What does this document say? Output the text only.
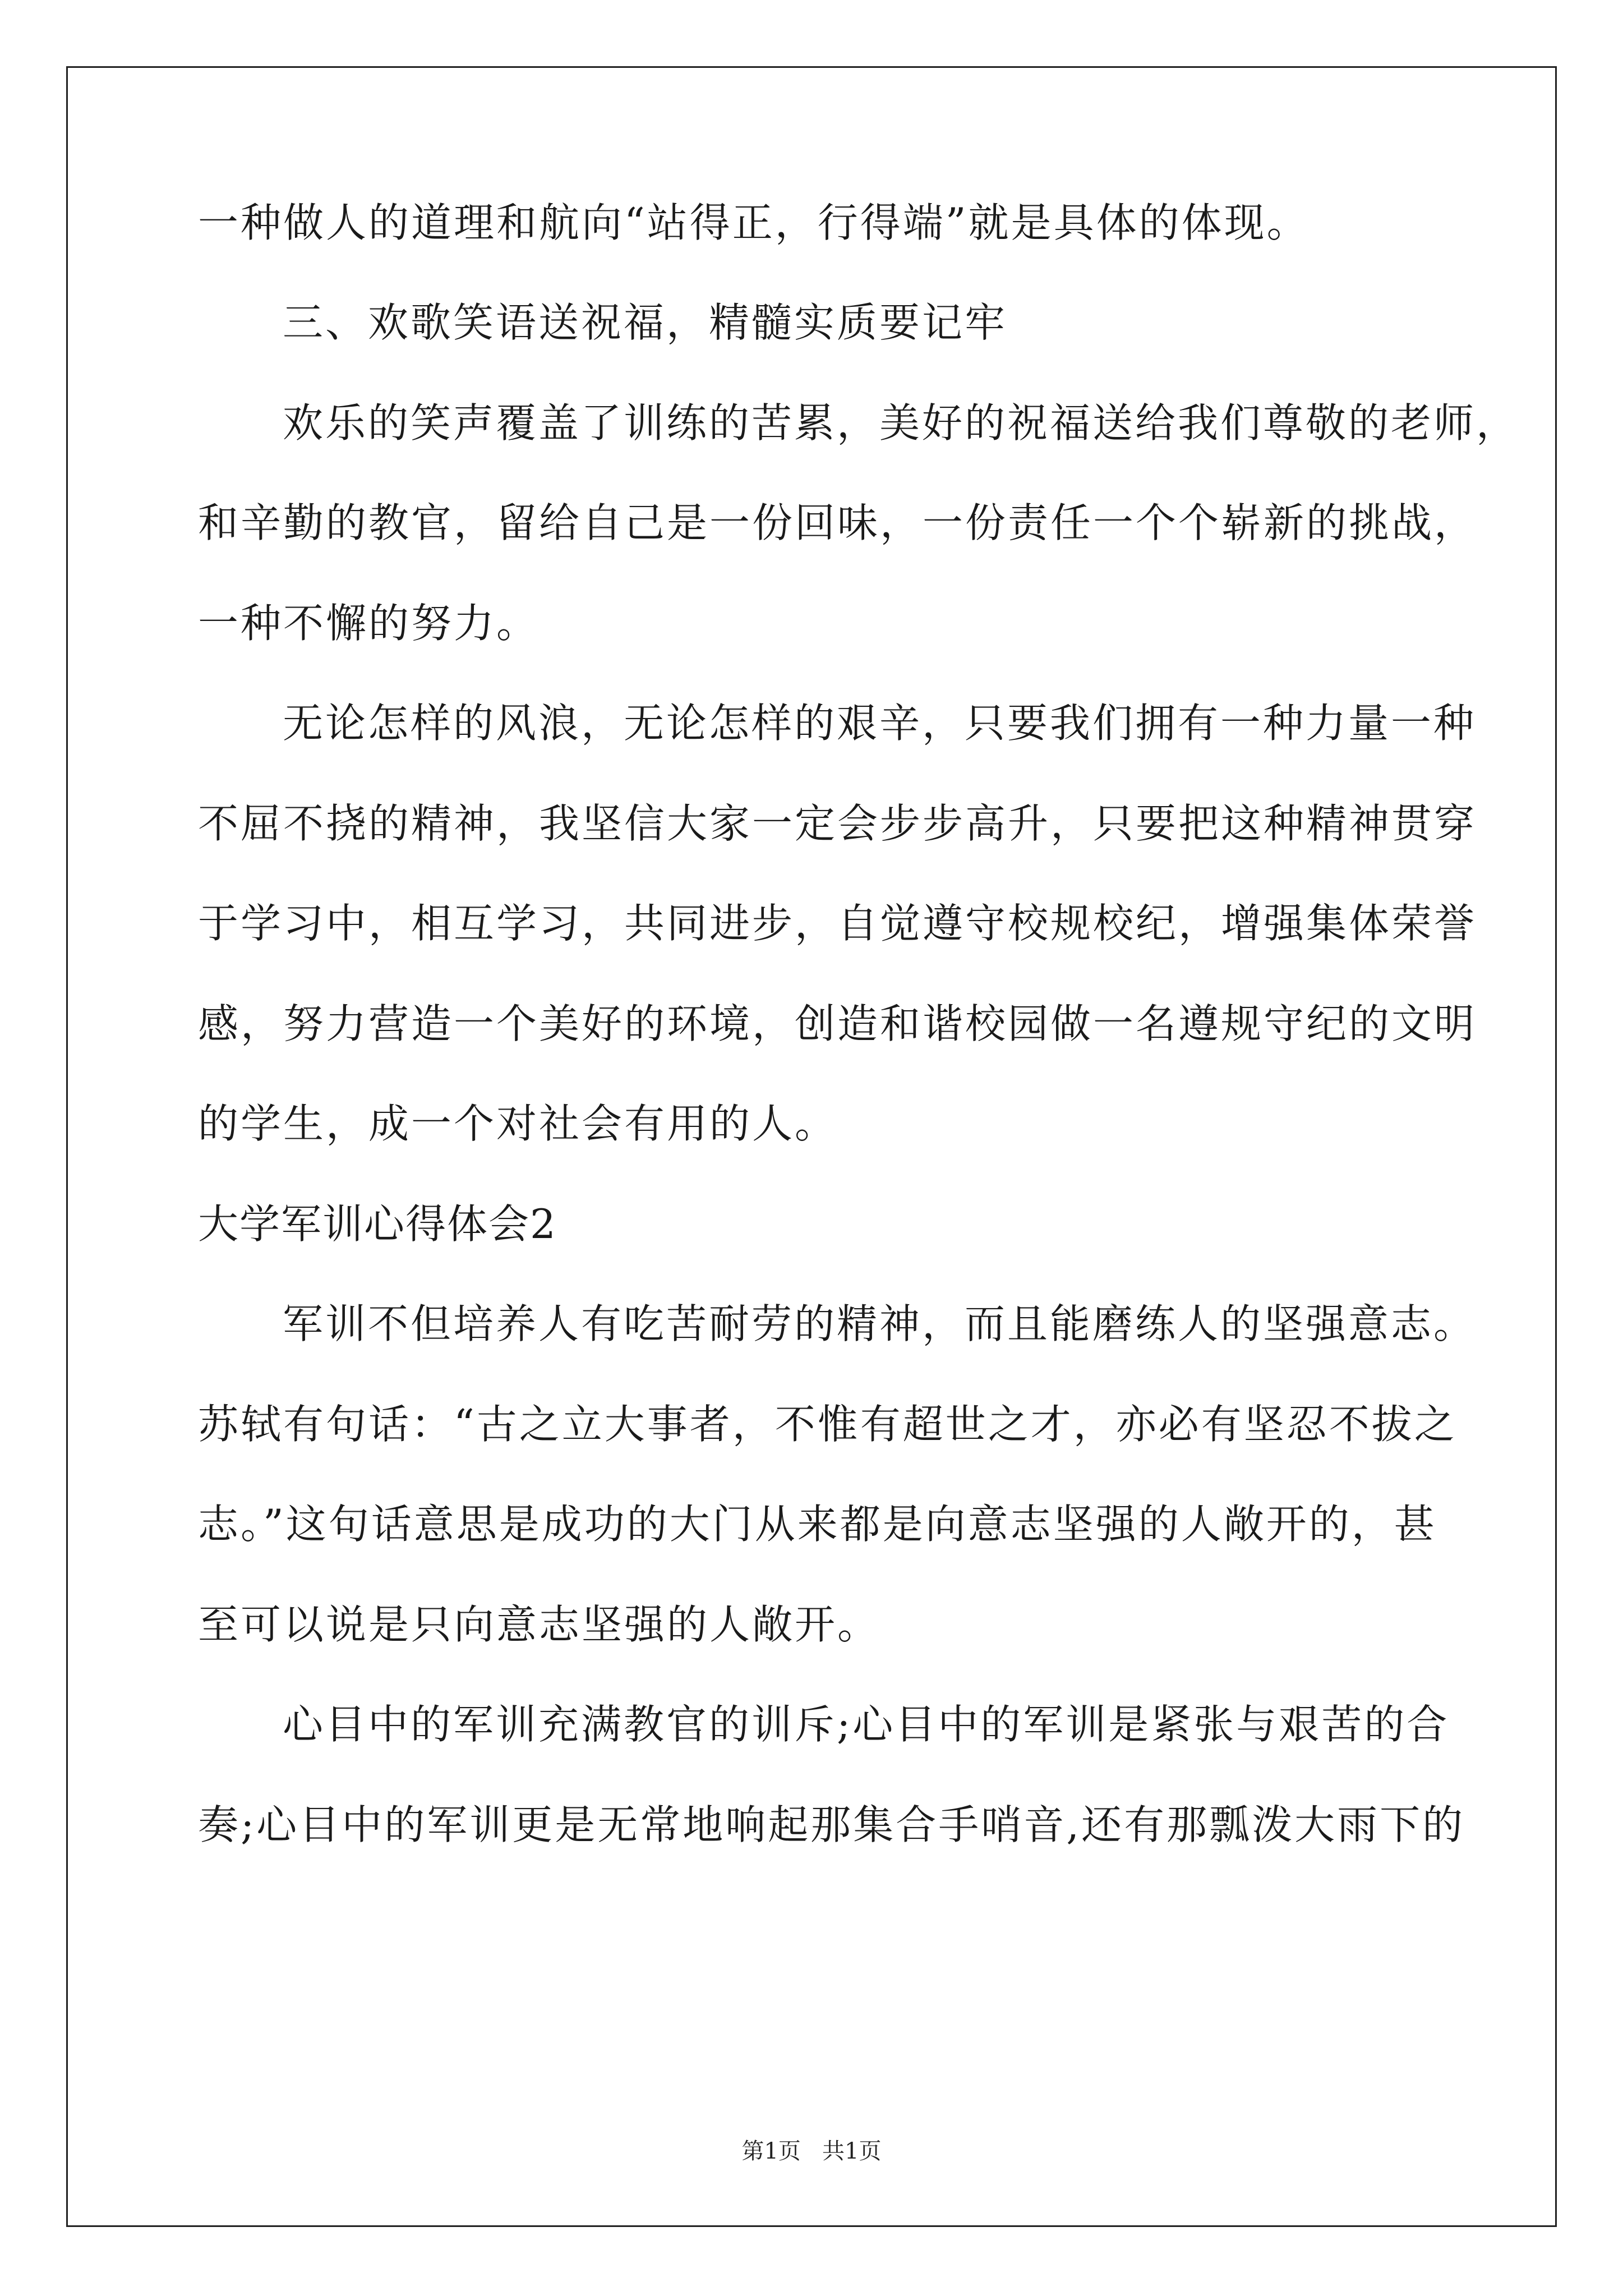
一种做人的道理和航向“站得正，行得端”就是具体的体现。
三、欢歌笑语送祝福，精髓实质要记牢
欢乐的笑声覆盖了训练的苦累，美好的祝福送给我们尊敬的老师，
和辛勤的教官，留给自己是一份回味，一份责任一个个崭新的挑战，
一种不懈的努力。
无论怎样的风浪，无论怎样的艰辛，只要我们拥有一种力量一种
不屈不挠的精神，我坚信大家一定会步步高升，只要把这种精神贯穿
于学习中，相互学习，共同进步，自觉遵守校规校纪，增强集体荣誉
感，努力营造一个美好的环境，创造和谐校园做一名遵规守纪的文明
的学生，成一个对社会有用的人。
大学军训心得体会2
军训不但培养人有吃苦耐劳的精神，而且能磨练人的坚强意志。
苏轼有句话：“古之立大事者，不惟有超世之才，亦必有坚忍不拔之
志。”这句话意思是成功的大门从来都是向意志坚强的人敞开的，甚
至可以说是只向意志坚强的人敞开。
心目中的军训充满教官的训斥;心目中的军训是紧张与艰苦的合
奏;心目中的军训更是无常地响起那集合手哨音,还有那瓢泼大雨下的
第1页   共1页
